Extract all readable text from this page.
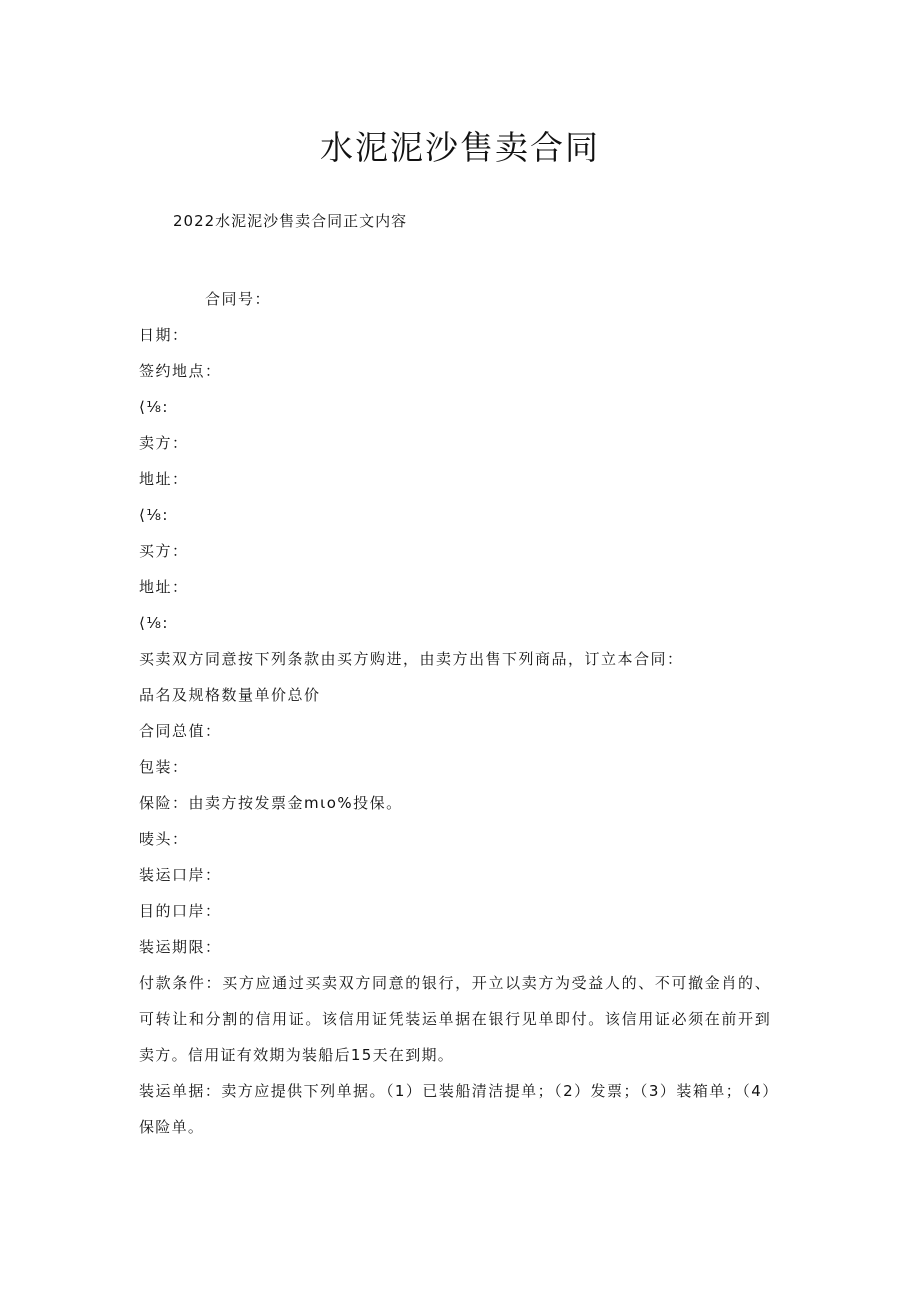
水泥泥沙售卖合同

2022水泥泥沙售卖合同正文内容

合同号：

日期：

签约地点：

⟨⅛:

卖方：

地址：

⟨⅛:

买方：

地址：

⟨⅛:

买卖双方同意按下列条款由买方购进，由卖方出售下列商品，订立本合同：

品名及规格数量单价总价

合同总值：

包装：

保险：由卖方按发票金mιo%投保。

唛头：

装运口岸：

目的口岸：

装运期限：

付款条件：买方应通过买卖双方同意的银行，开立以卖方为受益人的、不可撤金肖的、可转让和分割的信用证。该信用证凭装运单据在银行见单即付。该信用证必须在前开到卖方。信用证有效期为装船后15天在到期。

装运单据：卖方应提供下列单据。（1）已装船清洁提单；（2）发票；（3）装箱单；（4）保险单。
